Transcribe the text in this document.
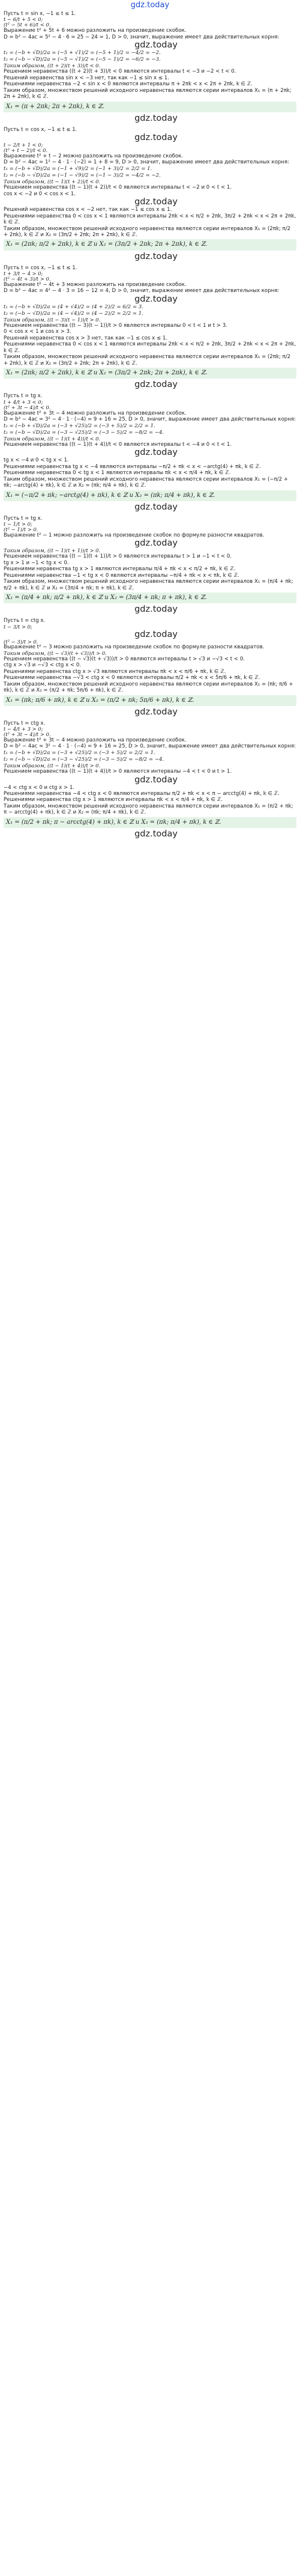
gdz.today
Пусть t = sin x, −1 ≤ t ≤ 1.
t − 6/t + 5 < 0;
(t² − 5t + 6)/t < 0.
Выражение t² + 5t + 6 можно разложить на произведение скобок.
D = b² − 4ac = 5² − 4 · 6 = 25 − 24 = 1, D > 0, значит, выражение имеет два действительных корня:
gdz.today
t₁ = (−b + √D)/2a = (−5 + √1)/2 = (−5 + 1)/2 = −4/2 = −2.
t₂ = (−b − √D)/2a = (−5 − √1)/2 = (−5 − 1)/2 = −6/2 = −3.
Таким образом, ((t + 2)(t + 3))/t < 0.
Решением неравенства ((t + 2)(t + 3))/t < 0 являются интервалы t < −3 и −2 < t < 0.
Решений неравенства sin x < −3 нет, так как −1 ≤ sin x ≤ 1.
Решениями неравенства −2 < sin x < 0 являются интервалы π + 2πk < x < 2π + 2πk, k ∈ ℤ.
Таким образом, множеством решений исходного неравенства являются серии интервалов X₁ = (π + 2πk; 2π + 2πk), k ∈ ℤ.
X₁ = (π + 2πk; 2π + 2πk), k ∈ ℤ.
gdz.today
Пусть t = cos x, −1 ≤ t ≤ 1.
gdz.today
t − 2/t + 1 < 0;
(t² + t − 2)/t < 0.
Выражение t² + t − 2 можно разложить на произведение скобок.
D = b² − 4ac = 1² − 4 · 1 · (−2) = 1 + 8 = 9, D > 0, значит, выражение имеет два действительных корня:
t₁ = (−b + √D)/2a = (−1 + √9)/2 = (−1 + 3)/2 = 2/2 = 1.
t₂ = (−b − √D)/2a = (−1 − √9)/2 = (−1 − 3)/2 = −4/2 = −2.
Таким образом, ((t − 1)(t + 2))/t < 0.
Решением неравенства ((t − 1)(t + 2))/t < 0 являются интервалы t < −2 и 0 < t < 1.
cos x < −2 и 0 < cos x < 1.
gdz.today
Решений неравенства cos x < −2 нет, так как −1 ≤ cos x ≤ 1.
Решениями неравенства 0 < cos x < 1 являются интервалы 2πk < x < π/2 + 2πk, 3π/2 + 2πk < x < 2π + 2πk, k ∈ ℤ.
Таким образом, множеством решений исходного неравенства являются серии интервалов X₁ = (2πk; π/2 + 2πk), k ∈ ℤ и X₂ = (3π/2 + 2πk; 2π + 2πk), k ∈ ℤ.
X₁ = (2πk; π/2 + 2πk), k ∈ ℤ и X₂ = (3π/2 + 2πk; 2π + 2πk), k ∈ ℤ.
gdz.today
Пусть t = cos x, −1 ≤ t ≤ 1.
t + 3/t − 4 > 0;
(t² − 4t + 3)/t > 0.
Выражение t² − 4t + 3 можно разложить на произведение скобок.
D = b² − 4ac = 4² − 4 · 3 = 16 − 12 = 4, D > 0, значит, выражение имеет два действительных корня:
gdz.today
t₁ = (−b + √D)/2a = (4 + √4)/2 = (4 + 2)/2 = 6/2 = 3.
t₂ = (−b − √D)/2a = (4 − √4)/2 = (4 − 2)/2 = 2/2 = 1.
Таким образом, ((t − 3)(t − 1))/t > 0.
Решением неравенства ((t − 3)(t − 1))/t > 0 являются интервалы 0 < t < 1 и t > 3.
0 < cos x < 1 и cos x > 3.
Решений неравенства cos x > 3 нет, так как −1 ≤ cos x ≤ 1.
Решениями неравенства 0 < cos x < 1 являются интервалы 2πk < x < π/2 + 2πk, 3π/2 + 2πk < x < 2π + 2πk, k ∈ ℤ.
Таким образом, множеством решений исходного неравенства являются серии интервалов X₁ = (2πk; π/2 + 2πk), k ∈ ℤ и X₂ = (3π/2 + 2πk; 2π + 2πk), k ∈ ℤ.
X₁ = (2πk; π/2 + 2πk), k ∈ ℤ и X₂ = (3π/2 + 2πk; 2π + 2πk), k ∈ ℤ.
gdz.today
Пусть t = tg x.
t + 4/t + 3 < 0;
(t² + 3t − 4)/t < 0.
Выражение t² + 3t − 4 можно разложить на произведение скобок.
D = b² − 4ac = 3² − 4 · 1 · (−4) = 9 + 16 = 25, D > 0, значит, выражение имеет два действительных корня:
t₁ = (−b + √D)/2a = (−3 + √25)/2 = (−3 + 5)/2 = 2/2 = 1.
t₂ = (−b − √D)/2a = (−3 − √25)/2 = (−3 − 5)/2 = −8/2 = −4.
Таким образом, ((t − 1)(t + 4))/t < 0.
Решением неравенства ((t − 1)(t + 4))/t < 0 являются интервалы t < −4 и 0 < t < 1.
gdz.today
tg x < −4 и 0 < tg x < 1.
Решениями неравенства tg x < −4 являются интервалы −π/2 + πk < x < −arctg(4) + πk, k ∈ ℤ.
Решениями неравенства 0 < tg x < 1 являются интервалы πk < x < π/4 + πk, k ∈ ℤ.
Таким образом, множеством решений исходного неравенства являются серии интервалов X₁ = (−π/2 + πk; −arctg(4) + πk), k ∈ ℤ и X₂ = (πk; π/4 + πk), k ∈ ℤ.
X₁ = (−π/2 + πk; −arctg(4) + πk), k ∈ ℤ и X₂ = (πk; π/4 + πk), k ∈ ℤ.
gdz.today
Пусть t = tg x.
t − 1/t > 0;
(t² − 1)/t > 0.
Выражение t² − 1 можно разложить на произведение скобок по формуле разности квадратов.
gdz.today
Таким образом, ((t − 1)(t + 1))/t > 0.
Решением неравенства ((t − 1)(t + 1))/t > 0 являются интервалы t > 1 и −1 < t < 0.
tg x > 1 и −1 < tg x < 0.
Решениями неравенства tg x > 1 являются интервалы π/4 + πk < x < π/2 + πk, k ∈ ℤ.
Решениями неравенства −1 < tg x < 0 являются интервалы −π/4 + πk < x < πk, k ∈ ℤ.
Таким образом, множеством решений исходного неравенства являются серии интервалов X₁ = (π/4 + πk; π/2 + πk), k ∈ ℤ и X₂ = (3π/4 + πk; π + πk), k ∈ ℤ.
X₁ = (π/4 + πk; π/2 + πk), k ∈ ℤ и X₂ = (3π/4 + πk; π + πk), k ∈ ℤ.
gdz.today
Пусть t = ctg x.
t − 3/t > 0;
gdz.today
(t² − 3)/t > 0.
Выражение t² − 3 можно разложить на произведение скобок по формуле разности квадратов.
Таким образом, ((t − √3)(t + √3))/t > 0.
Решением неравенства ((t − √3)(t + √3))/t > 0 являются интервалы t > √3 и −√3 < t < 0.
ctg x > √3 и −√3 < ctg x < 0.
Решениями неравенства ctg x > √3 являются интервалы πk < x < π/6 + πk, k ∈ ℤ.
Решениями неравенства −√3 < ctg x < 0 являются интервалы π/2 + πk < x < 5π/6 + πk, k ∈ ℤ.
Таким образом, множеством решений исходного неравенства являются серии интервалов X₁ = (πk; π/6 + πk), k ∈ ℤ и X₂ = (π/2 + πk; 5π/6 + πk), k ∈ ℤ.
X₁ = (πk; π/6 + πk), k ∈ ℤ и X₂ = (π/2 + πk; 5π/6 + πk), k ∈ ℤ.
gdz.today
Пусть t = ctg x.
t − 4/t + 3 > 0;
(t² + 3t − 4)/t > 0.
Выражение t² + 3t − 4 можно разложить на произведение скобок.
D = b² − 4ac = 3² − 4 · 1 · (−4) = 9 + 16 = 25, D > 0, значит, выражение имеет два действительных корня:
t₁ = (−b + √D)/2a = (−3 + √25)/2 = (−3 + 5)/2 = 2/2 = 1.
t₂ = (−b − √D)/2a = (−3 − √25)/2 = (−3 − 5)/2 = −8/2 = −4.
Таким образом, ((t − 1)(t + 4))/t > 0.
Решением неравенства ((t − 1)(t + 4))/t > 0 являются интервалы −4 < t < 0 и t > 1.
gdz.today
−4 < ctg x < 0 и ctg x > 1.
Решениями неравенства −4 < ctg x < 0 являются интервалы π/2 + πk < x < π − arcctg(4) + πk, k ∈ ℤ.
Решениями неравенства ctg x > 1 являются интервалы πk < x < π/4 + πk, k ∈ ℤ.
Таким образом, множеством решений исходного неравенства являются серии интервалов X₁ = (π/2 + πk; π − arcctg(4) + πk), k ∈ ℤ и X₂ = (πk; π/4 + πk), k ∈ ℤ.
X₁ = (π/2 + πk; π − arcctg(4) + πk), k ∈ ℤ и X₂ = (πk; π/4 + πk), k ∈ ℤ.
gdz.today
